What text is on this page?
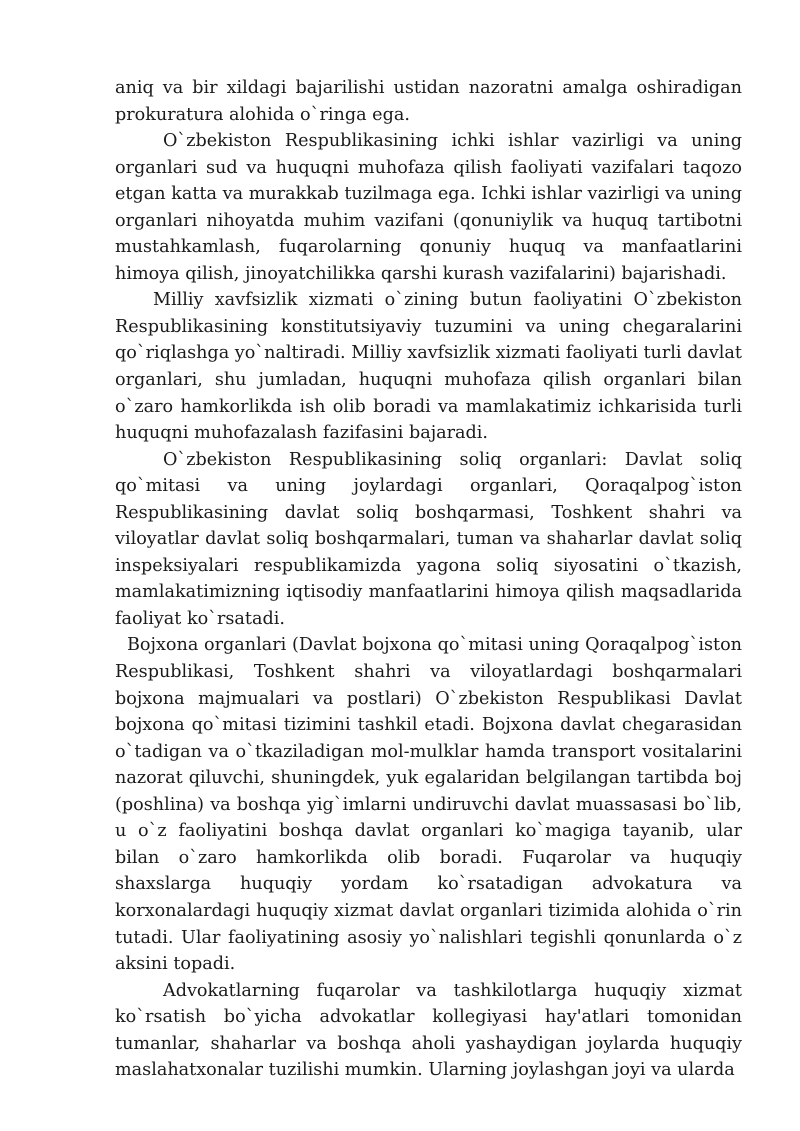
aniq va bir xildagi bajarilishi ustidan nazoratni amalga oshiradigan prokuratura alohida o`ringa ega.

O`zbekiston Respublikasining ichki ishlar vazirligi va uning organlari sud va huquqni muhofaza qilish faoliyati vazifalari taqozo etgan katta va murakkab tuzilmaga ega. Ichki ishlar vazirligi va uning organlari nihoyatda muhim vazifani (qonuniylik va huquq tartibotni mustahkamlash, fuqarolarning qonuniy huquq va manfaatlarini himoya qilish, jinoyatchilikka qarshi kurash vazifalarini) bajarishadi.

Milliy xavfsizlik xizmati o`zining butun faoliyatini O`zbekiston Respublikasining konstitutsiyaviy tuzumini va uning chegaralarini qo`riqlashga yo`naltiradi. Milliy xavfsizlik xizmati faoliyati turli davlat organlari, shu jumladan, huquqni muhofaza qilish organlari bilan o`zaro hamkorlikda ish olib boradi va mamlakatimiz ichkarisida turli huquqni muhofazalash fazifasini bajaradi.

O`zbekiston Respublikasining soliq organlari: Davlat soliq qo`mitasi va uning joylardagi organlari, Qoraqalpog`iston Respublikasining davlat soliq boshqarmasi, Toshkent shahri va viloyatlar davlat soliq boshqarmalari, tuman va shaharlar davlat soliq inspeksiyalari respublikamizda yagona soliq siyosatini o`tkazish, mamlakatimizning iqtisodiy manfaatlarini himoya qilish maqsadlarida faoliyat ko`rsatadi.

Bojxona organlari (Davlat bojxona qo`mitasi uning Qoraqalpog`iston Respublikasi, Toshkent shahri va viloyatlardagi boshqarmalari bojxona majmualari va postlari) O`zbekiston Respublikasi Davlat bojxona qo`mitasi tizimini tashkil etadi. Bojxona davlat chegarasidan o`tadigan va o`tkaziladigan mol-mulklar hamda transport vositalarini nazorat qiluvchi, shuningdek, yuk egalaridan belgilangan tartibda boj (poshlina) va boshqa yig`imlarni undiruvchi davlat muassasasi bo`lib, u o`z faoliyatini boshqa davlat organlari ko`magiga tayanib, ular bilan o`zaro hamkorlikda olib boradi. Fuqarolar va huquqiy shaxslarga huquqiy yordam ko`rsatadigan advokatura va korxonalardagi huquqiy xizmat davlat organlari tizimida alohida o`rin tutadi. Ular faoliyatining asosiy yo`nalishlari tegishli qonunlarda o`z aksini topadi.

Advokatlarning fuqarolar va tashkilotlarga huquqiy xizmat ko`rsatish bo`yicha advokatlar kollegiyasi hay'atlari tomonidan tumanlar, shaharlar va boshqa aholi yashaydigan joylarda huquqiy maslahatxonalar tuzilishi mumkin. Ularning joylashgan joyi va ularda
